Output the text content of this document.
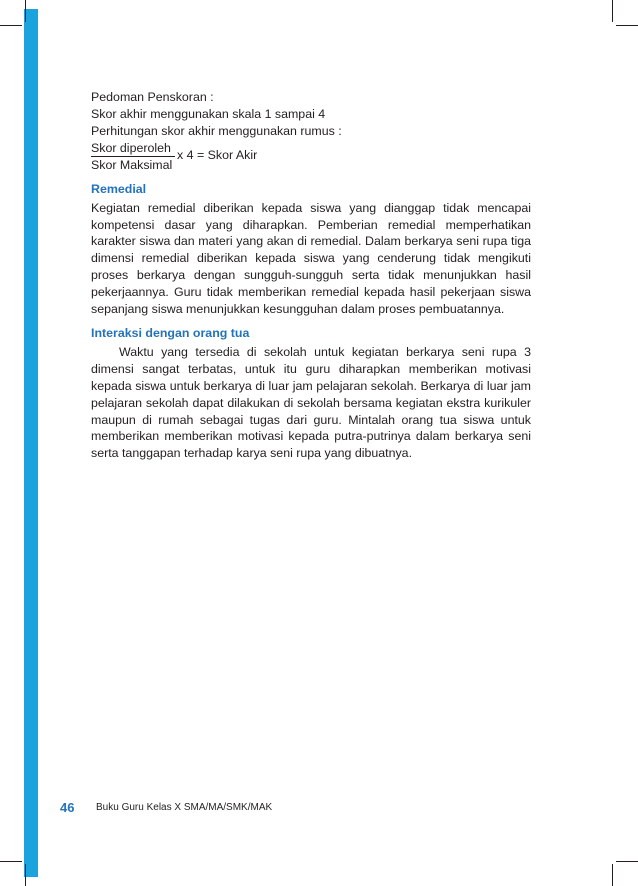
Pedoman Penskoran :
Skor akhir menggunakan skala 1 sampai 4
Perhitungan skor akhir menggunakan rumus :
Skor diperoleh x 4 = Skor Akir
Skor Maksimal
Remedial

Kegiatan remedial diberikan kepada siswa yang dianggap tidak mencapai kompetensi dasar yang diharapkan. Pemberian remedial memperhatikan karakter siswa dan materi yang akan di remedial. Dalam berkarya seni rupa tiga dimensi remedial diberikan kepada siswa yang cenderung tidak mengikuti proses berkarya dengan sungguh-sungguh serta tidak menunjukkan hasil pekerjaannya. Guru tidak memberikan remedial kepada hasil pekerjaan siswa sepanjang siswa menunjukkan kesungguhan dalam proses pembuatannya.

Interaksi dengan orang tua

Waktu yang tersedia di sekolah untuk kegiatan berkarya seni rupa 3 dimensi sangat terbatas, untuk itu guru diharapkan memberikan motivasi kepada siswa untuk berkarya di luar jam pelajaran sekolah. Berkarya di luar jam pelajaran sekolah dapat dilakukan di sekolah bersama kegiatan ekstra kurikuler maupun di rumah sebagai tugas dari guru. Mintalah orang tua siswa untuk memberikan memberikan motivasi kepada putra-putrinya dalam berkarya seni serta tanggapan terhadap karya seni rupa yang dibuatnya.

46 Buku Guru Kelas X SMA/MA/SMK/MAK
